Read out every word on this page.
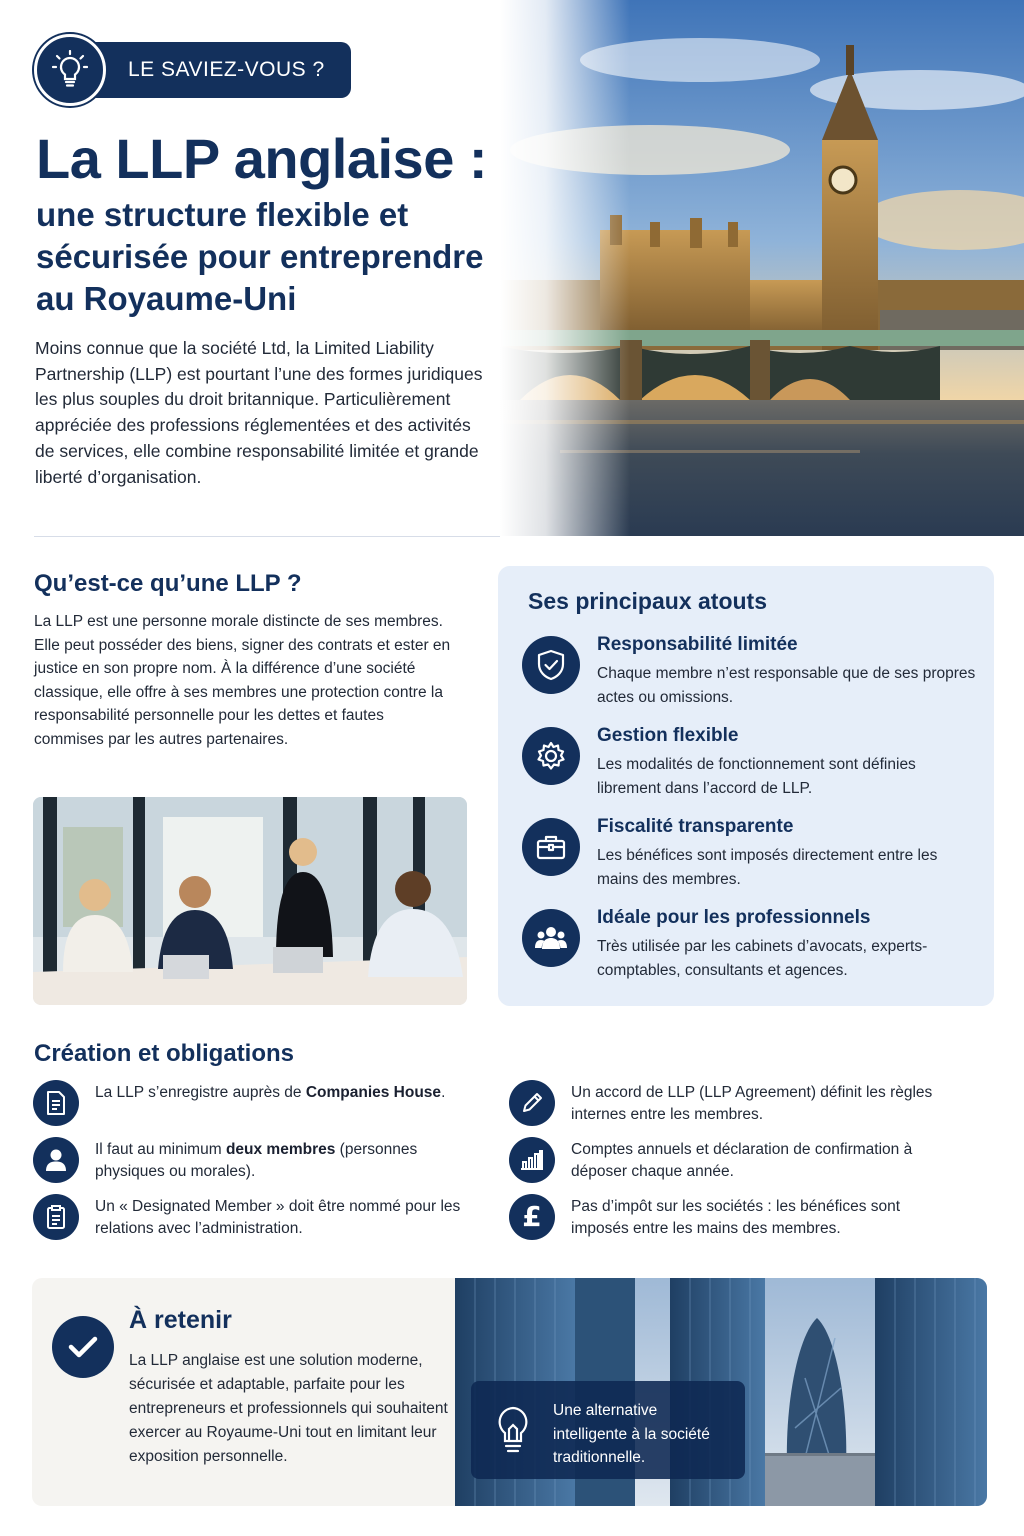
LE SAVIEZ-VOUS ?
La LLP anglaise :
une structure flexible et sécurisée pour entreprendre au Royaume-Uni
Moins connue que la société Ltd, la Limited Liability Partnership (LLP) est pourtant l’une des formes juridiques les plus souples du droit britannique. Particulièrement appréciée des professions réglementées et des activités de services, elle combine responsabilité limitée et grande liberté d’organisation.
Qu’est-ce qu’une LLP ?
La LLP est une personne morale distincte de ses membres. Elle peut posséder des biens, signer des contrats et ester en justice en son propre nom. À la différence d’une société classique, elle offre à ses membres une protection contre la responsabilité personnelle pour les dettes et fautes commises par les autres partenaires.
Ses principaux atouts
Responsabilité limitée
Chaque membre n’est responsable que de ses propres actes ou omissions.
Gestion flexible
Les modalités de fonctionnement sont définies librement dans l’accord de LLP.
Fiscalité transparente
Les bénéfices sont imposés directement entre les mains des membres.
Idéale pour les professionnels
Très utilisée par les cabinets d’avocats, experts-comptables, consultants et agences.
Création et obligations
La LLP s’enregistre auprès de Companies House.
Il faut au minimum deux membres (personnes physiques ou morales).
Un « Designated Member » doit être nommé pour les relations avec l’administration.
Un accord de LLP (LLP Agreement) définit les règles internes entre les membres.
Comptes annuels et déclaration de confirmation à déposer chaque année.
£ Pas d’impôt sur les sociétés : les bénéfices sont imposés entre les mains des membres.
À retenir
La LLP anglaise est une solution moderne, sécurisée et adaptable, parfaite pour les entrepreneurs et professionnels qui souhaitent exercer au Royaume-Uni tout en limitant leur exposition personnelle.
Une alternative intelligente à la société traditionnelle.
